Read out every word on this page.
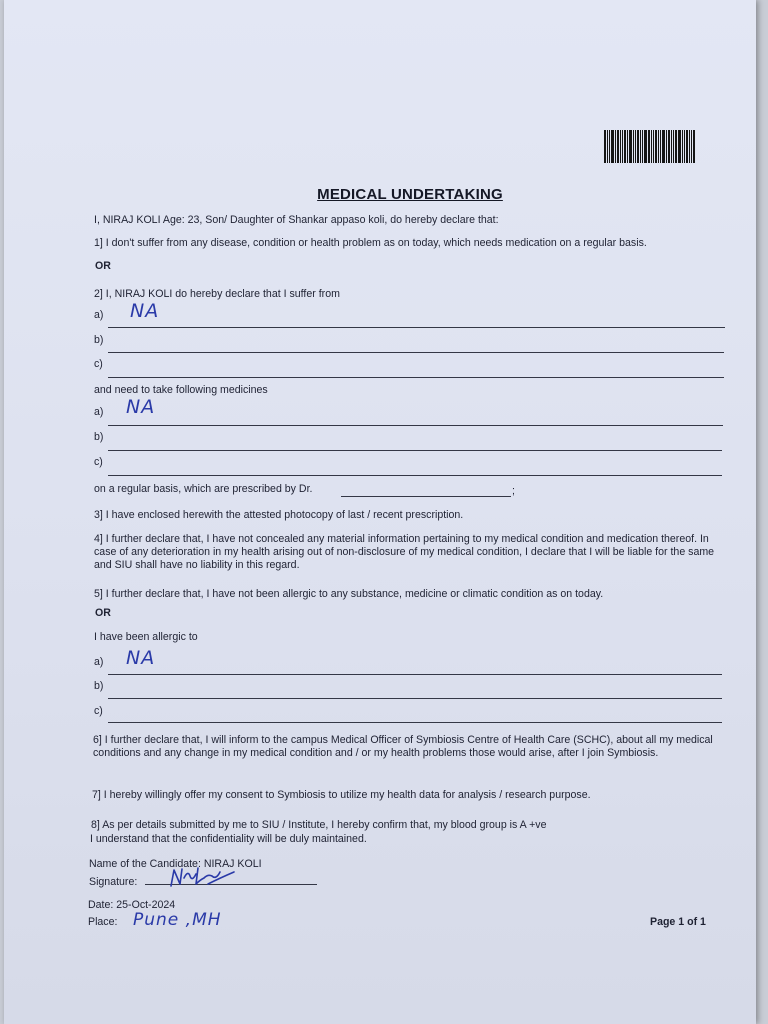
MEDICAL UNDERTAKING
I, NIRAJ KOLI Age: 23, Son/ Daughter of Shankar appaso koli, do hereby declare that:
1] I don't suffer from any disease, condition or health problem as on today, which needs medication on a regular basis.
OR
2] I, NIRAJ KOLI do hereby declare that I suffer from
a) NA
b)
c)
and need to take following medicines
a) NA
b)
c)
on a regular basis, which are prescribed by Dr.	;
3] I have enclosed herewith the attested photocopy of last / recent prescription.
4] I further declare that, I have not concealed any material information pertaining to my medical condition and medication thereof. In case of any deterioration in my health arising out of non-disclosure of my medical condition, I declare that I will be liable for the same and SIU shall have no liability in this regard.
5] I further declare that, I have not been allergic to any substance, medicine or climatic condition as on today.
OR
I have been allergic to
a) NA
b)
c)
6] I further declare that, I will inform to the campus Medical Officer of Symbiosis Centre of Health Care (SCHC), about all my medical conditions and any change in my medical condition and / or my health problems those would arise, after I join Symbiosis.
7] I hereby willingly offer my consent to Symbiosis to utilize my health data for analysis / research purpose.
8] As per details submitted by me to SIU / Institute, I hereby confirm that, my blood group is A +ve
I understand that the confidentiality will be duly maintained.
Name of the Candidate: NIRAJ KOLI
Signature:
Date: 25-Oct-2024
Place: Pune ,MH	Page 1 of 1
